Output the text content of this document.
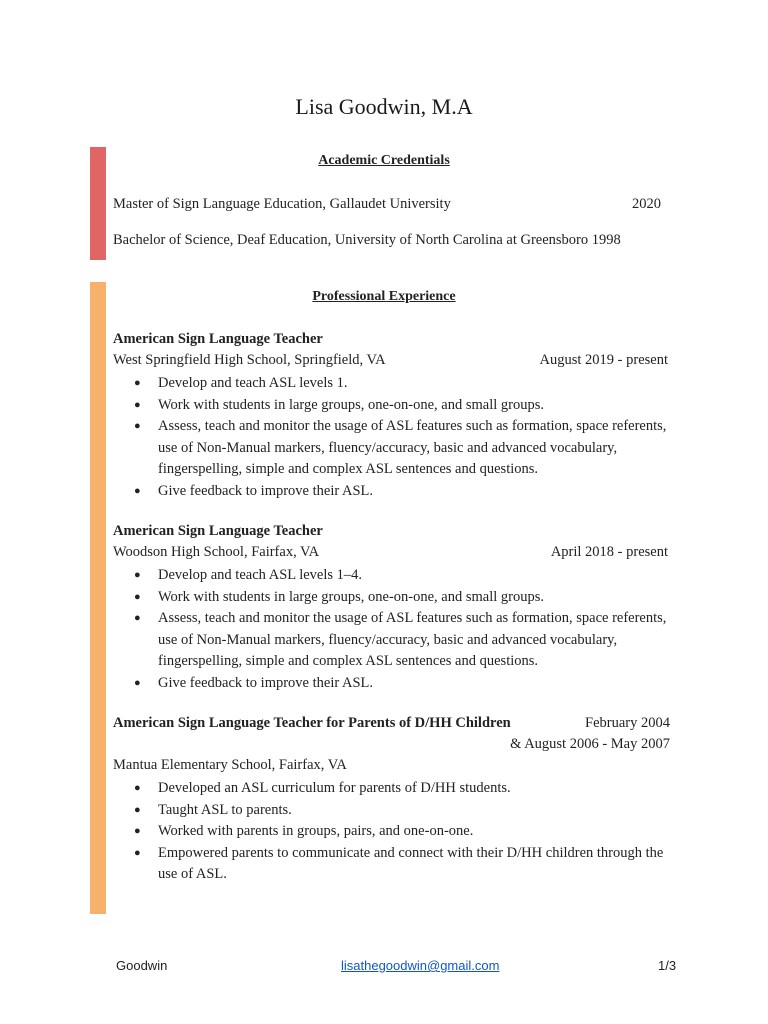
Lisa Goodwin, M.A
Academic Credentials
Master of Sign Language Education, Gallaudet University	2020
Bachelor of Science, Deaf Education, University of North Carolina at Greensboro 1998
Professional Experience
American Sign Language Teacher
West Springfield High School, Springfield, VA	August 2019 - present
● Develop and teach ASL levels 1.
● Work with students in large groups, one-on-one, and small groups.
● Assess, teach and monitor the usage of ASL features such as formation, space referents, use of Non-Manual markers, fluency/accuracy, basic and advanced vocabulary, fingerspelling, simple and complex ASL sentences and questions.
● Give feedback to improve their ASL.
American Sign Language Teacher
Woodson High School, Fairfax, VA	April 2018 - present
● Develop and teach ASL levels 1–4.
● Work with students in large groups, one-on-one, and small groups.
● Assess, teach and monitor the usage of ASL features such as formation, space referents, use of Non-Manual markers, fluency/accuracy, basic and advanced vocabulary, fingerspelling, simple and complex ASL sentences and questions.
● Give feedback to improve their ASL.
American Sign Language Teacher for Parents of D/HH Children	February 2004
& August 2006 - May 2007
Mantua Elementary School, Fairfax, VA
● Developed an ASL curriculum for parents of D/HH students.
● Taught ASL to parents.
● Worked with parents in groups, pairs, and one-on-one.
● Empowered parents to communicate and connect with their D/HH children through the use of ASL.
Goodwin	lisathegoodwin@gmail.com	1/3
